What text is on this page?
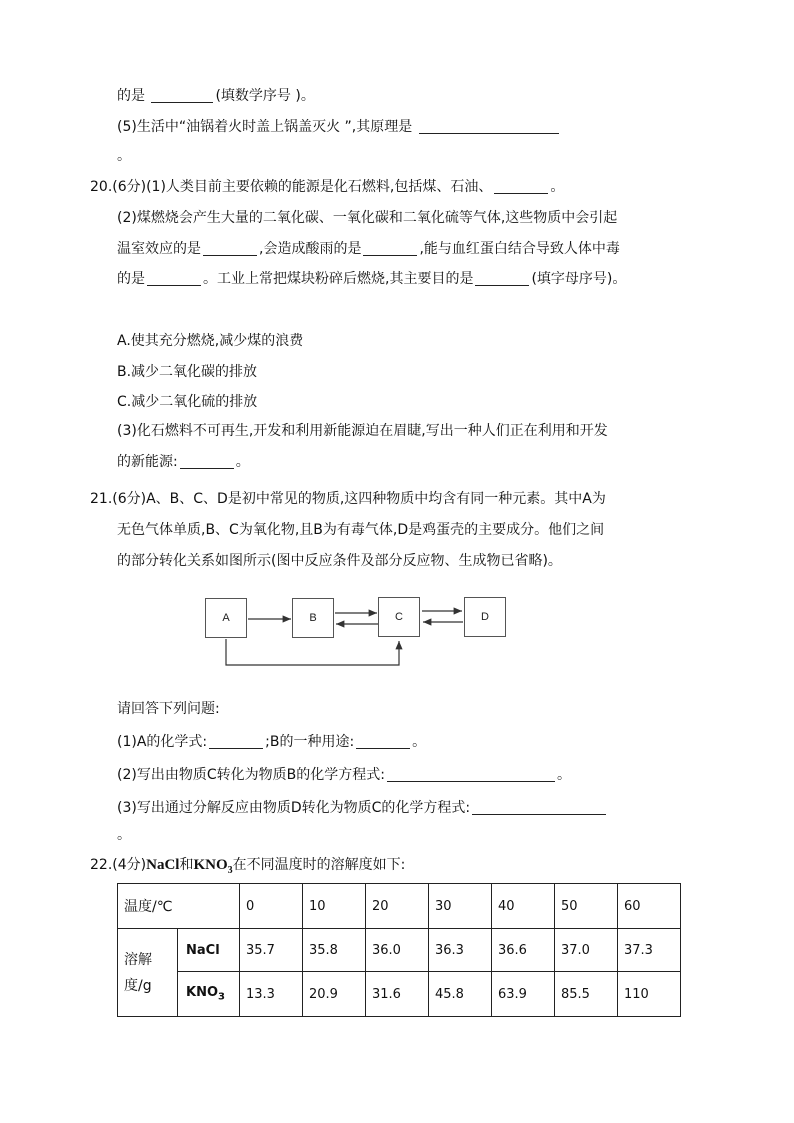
的是	(填数学序号 )。
(5)生活中“油锅着火时盖上锅盖灭火 ”,其原理是
。
20.(6分)(1)人类目前主要依赖的能源是化石燃料,包括煤、石油、	。
(2)煤燃烧会产生大量的二氧化碳、一氧化碳和二氧化硫等气体,这些物质中会引起
温室效应的是	,会造成酸雨的是	,能与血红蛋白结合导致人体中毒
的是	。工业上常把煤块粉碎后燃烧,其主要目的是	(填字母序号)。
A.使其充分燃烧,减少煤的浪费
B.减少二氧化碳的排放
C.减少二氧化硫的排放
(3)化石燃料不可再生,开发和利用新能源迫在眉睫,写出一种人们正在利用和开发
的新能源:	。
21.(6分)A、B、C、D是初中常见的物质,这四种物质中均含有同一种元素。其中A为
无色气体单质,B、C为氧化物,且B为有毒气体,D是鸡蛋壳的主要成分。他们之间
的部分转化关系如图所示(图中反应条件及部分反应物、生成物已省略)。
A	B	C	D
请回答下列问题:
(1)A的化学式:	;B的一种用途:	。
(2)写出由物质C转化为物质B的化学方程式:	。
(3)写出通过分解反应由物质D转化为物质C的化学方程式:
。
22.(4分)NaCl和$KNO_3$在不同温度时的溶解度如下:
温度/℃		0	10	20	30	40	50	60

溶解
度/g	NaCl	35.7	35.8	36.0	36.3	36.6	37.0	37.3
	$KNO_3$	13.3	20.9	31.6	45.8	63.9	85.5	110
